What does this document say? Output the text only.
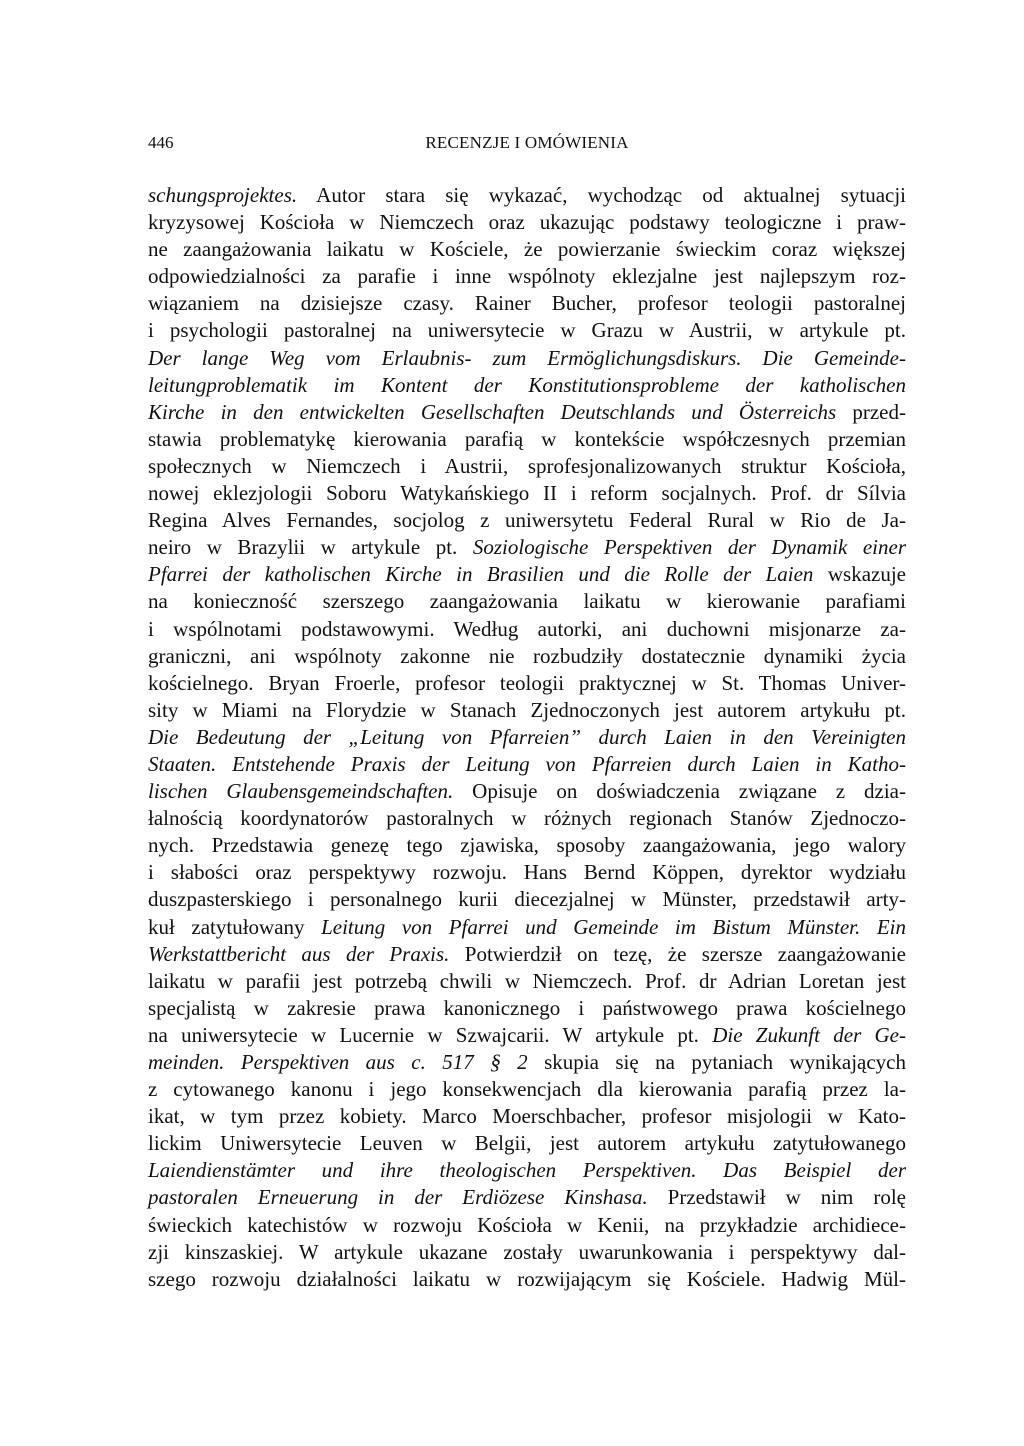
446	RECENZJE I OMÓWIENIA
schungsprojektes. Autor stara się wykazać, wychodząc od aktualnej sytuacji
kryzysowej Kościoła w Niemczech oraz ukazując podstawy teologiczne i praw-
ne zaangażowania laikatu w Kościele, że powierzanie świeckim coraz większej
odpowiedzialności za parafie i inne wspólnoty eklezjalne jest najlepszym roz-
wiązaniem na dzisiejsze czasy. Rainer Bucher, profesor teologii pastoralnej
i psychologii pastoralnej na uniwersytecie w Grazu w Austrii, w artykule pt.
Der lange Weg vom Erlaubnis- zum Ermöglichungsdiskurs. Die Gemeinde-
leitungproblematik im Kontent der Konstitutionsprobleme der katholischen
Kirche in den entwickelten Gesellschaften Deutschlands und Österreichs przed-
stawia problematykę kierowania parafią w kontekście współczesnych przemian
społecznych w Niemczech i Austrii, sprofesjonalizowanych struktur Kościoła,
nowej eklezjologii Soboru Watykańskiego II i reform socjalnych. Prof. dr Sílvia
Regina Alves Fernandes, socjolog z uniwersytetu Federal Rural w Rio de Ja-
neiro w Brazylii w artykule pt. Soziologische Perspektiven der Dynamik einer
Pfarrei der katholischen Kirche in Brasilien und die Rolle der Laien wskazuje
na konieczność szerszego zaangażowania laikatu w kierowanie parafiami
i wspólnotami podstawowymi. Według autorki, ani duchowni misjonarze za-
graniczni, ani wspólnoty zakonne nie rozbudziły dostatecznie dynamiki życia
kościelnego. Bryan Froerle, profesor teologii praktycznej w St. Thomas Univer-
sity w Miami na Florydzie w Stanach Zjednoczonych jest autorem artykułu pt.
Die Bedeutung der „Leitung von Pfarreien” durch Laien in den Vereinigten
Staaten. Entstehende Praxis der Leitung von Pfarreien durch Laien in Katho-
lischen Glaubensgemeindschaften. Opisuje on doświadczenia związane z dzia-
łalnością koordynatorów pastoralnych w różnych regionach Stanów Zjednoczo-
nych. Przedstawia genezę tego zjawiska, sposoby zaangażowania, jego walory
i słabości oraz perspektywy rozwoju. Hans Bernd Köppen, dyrektor wydziału
duszpasterskiego i personalnego kurii diecezjalnej w Münster, przedstawił arty-
kuł zatytułowany Leitung von Pfarrei und Gemeinde im Bistum Münster. Ein
Werkstattbericht aus der Praxis. Potwierdził on tezę, że szersze zaangażowanie
laikatu w parafii jest potrzebą chwili w Niemczech. Prof. dr Adrian Loretan jest
specjalistą w zakresie prawa kanonicznego i państwowego prawa kościelnego
na uniwersytecie w Lucernie w Szwajcarii. W artykule pt. Die Zukunft der Ge-
meinden. Perspektiven aus c. 517 § 2 skupia się na pytaniach wynikających
z cytowanego kanonu i jego konsekwencjach dla kierowania parafią przez la-
ikat, w tym przez kobiety. Marco Moerschbacher, profesor misjologii w Kato-
lickim Uniwersytecie Leuven w Belgii, jest autorem artykułu zatytułowanego
Laiendienstämter und ihre theologischen Perspektiven. Das Beispiel der
pastoralen Erneuerung in der Erdiözese Kinshasa. Przedstawił w nim rolę
świeckich katechistów w rozwoju Kościoła w Kenii, na przykładzie archidiece-
zji kinszaskiej. W artykule ukazane zostały uwarunkowania i perspektywy dal-
szego rozwoju działalności laikatu w rozwijającym się Kościele. Hadwig Mül-
